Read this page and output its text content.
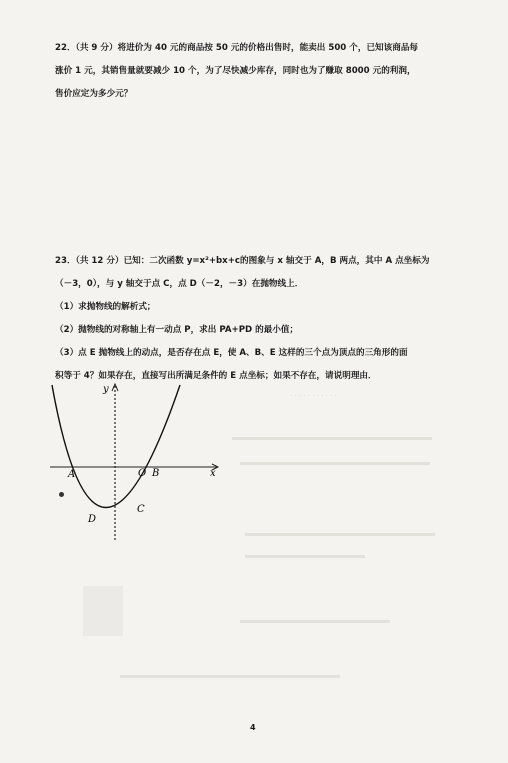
· · · · · · · · · · ·
22．（共 9 分）将进价为 40 元的商品按 50 元的价格出售时，能卖出 500 个，已知该商品每
涨价 1 元，其销售量就要减少 10 个，为了尽快减少库存，同时也为了赚取 8000 元的利润，
售价应定为多少元？
23．（共 12 分）已知：二次函数 y=x²+bx+c的图象与 x 轴交于 A，B 两点，其中 A 点坐标为
（－3，0），与 y 轴交于点 C，点 D（－2，－3）在抛物线上．
（1）求抛物线的解析式；
（2）抛物线的对称轴上有一动点 P，求出 PA+PD 的最小值；
（3）点 E 抛物线上的动点，是否存在点 E，使 A、B、E 这样的三个点为顶点的三角形的面
积等于 4？如果存在，直接写出所满足条件的 E 点坐标；如果不存在，请说明理由．
y
x
A	O B
C
D
4
